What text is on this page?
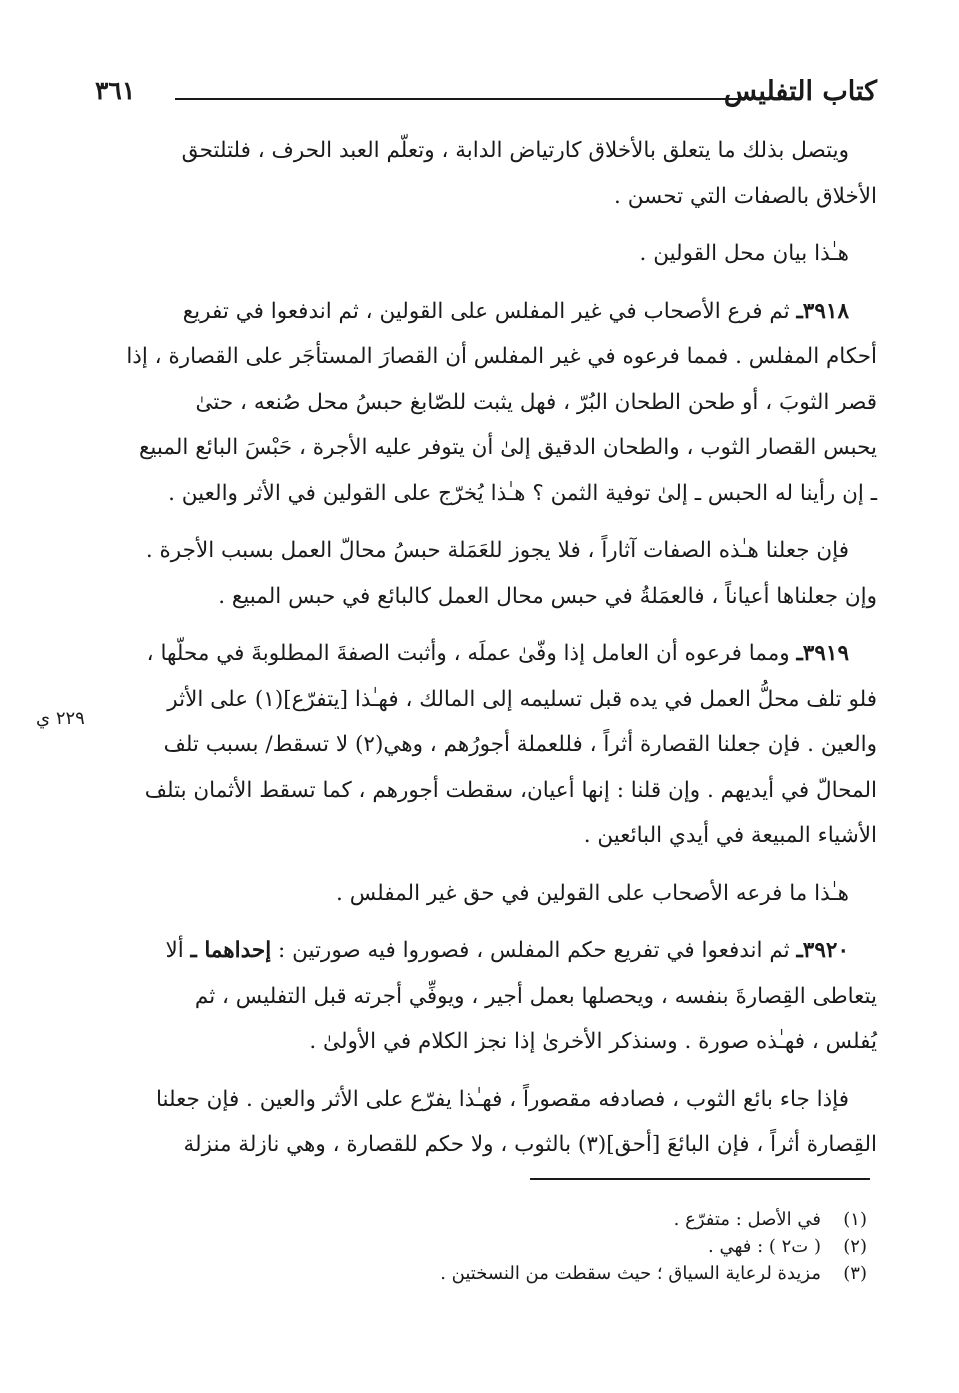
كتاب التفليس
٣٦١
٢٢٩ ي
ويتصل بذلك ما يتعلق بالأخلاق كارتياض الدابة ، وتعلّم العبد الحرف ، فلتلتحق
الأخلاق بالصفات التي تحسن .
هـٰذا بيان محل القولين .
٣٩١٨ـ ثم فرع الأصحاب في غير المفلس على القولين ، ثم اندفعوا في تفريع
أحكام المفلس . فمما فرعوه في غير المفلس أن القصارَ المستأجَر على القصارة ، إذا
قصر الثوبَ ، أو طحن الطحان البُرّ ، فهل يثبت للصّابغ حبسُ محل صُنعه ، حتىٰ
يحبس القصار الثوب ، والطحان الدقيق إلىٰ أن يتوفر عليه الأجرة ، حَبْسَ البائع المبيع
ـ إن رأينا له الحبس ـ إلىٰ توفية الثمن ؟ هـٰذا يُخرّج على القولين في الأثر والعين .
فإن جعلنا هـٰذه الصفات آثاراً ، فلا يجوز للعَمَلة حبسُ محالّ العمل بسبب الأجرة .
وإن جعلناها أعياناً ، فالعمَلةُ في حبس محال العمل كالبائع في حبس المبيع .
٣٩١٩ـ ومما فرعوه أن العامل إذا وفّىٰ عملَه ، وأثبت الصفةَ المطلوبةَ في محلّها ،
فلو تلف محلُّ العمل في يده قبل تسليمه إلى المالك ، فهـٰذا [يتفرّع](١) على الأثر
والعين . فإن جعلنا القصارة أثراً ، فللعملة أجورُهم ، وهي(٢) لا تسقط/ بسبب تلف
المحالّ في أيديهم . وإن قلنا : إنها أعيان، سقطت أجورهم ، كما تسقط الأثمان بتلف
الأشياء المبيعة في أيدي البائعين .
هـٰذا ما فرعه الأصحاب على القولين في حق غير المفلس .
٣٩٢٠ـ ثم اندفعوا في تفريع حكم المفلس ، فصوروا فيه صورتين : إحداهما ـ ألا
يتعاطى القِصارةَ بنفسه ، ويحصلها بعمل أجير ، ويوفِّي أجرته قبل التفليس ، ثم
يُفلس ، فهـٰذه صورة . وسنذكر الأخرىٰ إذا نجز الكلام في الأولىٰ .
فإذا جاء بائع الثوب ، فصادفه مقصوراً ، فهـٰذا يفرّع على الأثر والعين . فإن جعلنا
القِصارة أثراً ، فإن البائعَ [أحق](٣) بالثوب ، ولا حكم للقصارة ، وهي نازلة منزلة
(١)في الأصل : متفرّع .
(٢)( ت٢ ) : فهي .
(٣)مزيدة لرعاية السياق ؛ حيث سقطت من النسختين .
